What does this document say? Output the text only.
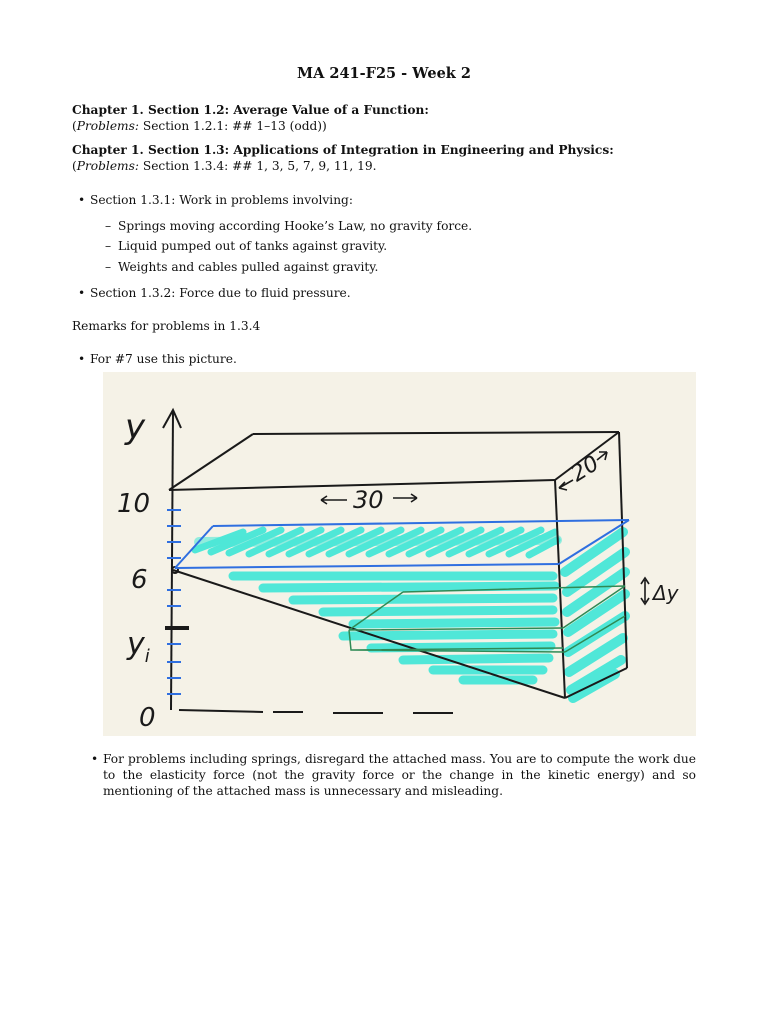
MA 241-F25 - Week 2
Chapter 1. Section 1.2: Average Value of a Function:
(Problems: Section 1.2.1: ## 1–13 (odd))
Chapter 1. Section 1.3: Applications of Integration in Engineering and Physics:
(Problems: Section 1.3.4: ## 1, 3, 5, 7, 9, 11, 19.
• Section 1.3.1: Work in problems involving:
– Springs moving according Hooke’s Law, no gravity force.
– Liquid pumped out of tanks against gravity.
– Weights and cables pulled against gravity.
• Section 1.3.2: Force due to fluid pressure.
Remarks for problems in 1.3.4
• For #7 use this picture.
y
10
6
$y_i$
0
30
20
Δy
• For problems including springs, disregard the attached mass. You are to compute the work due to the elasticity force (not the gravity force or the change in the kinetic energy) and so mentioning of the attached mass is unnecessary and misleading.
